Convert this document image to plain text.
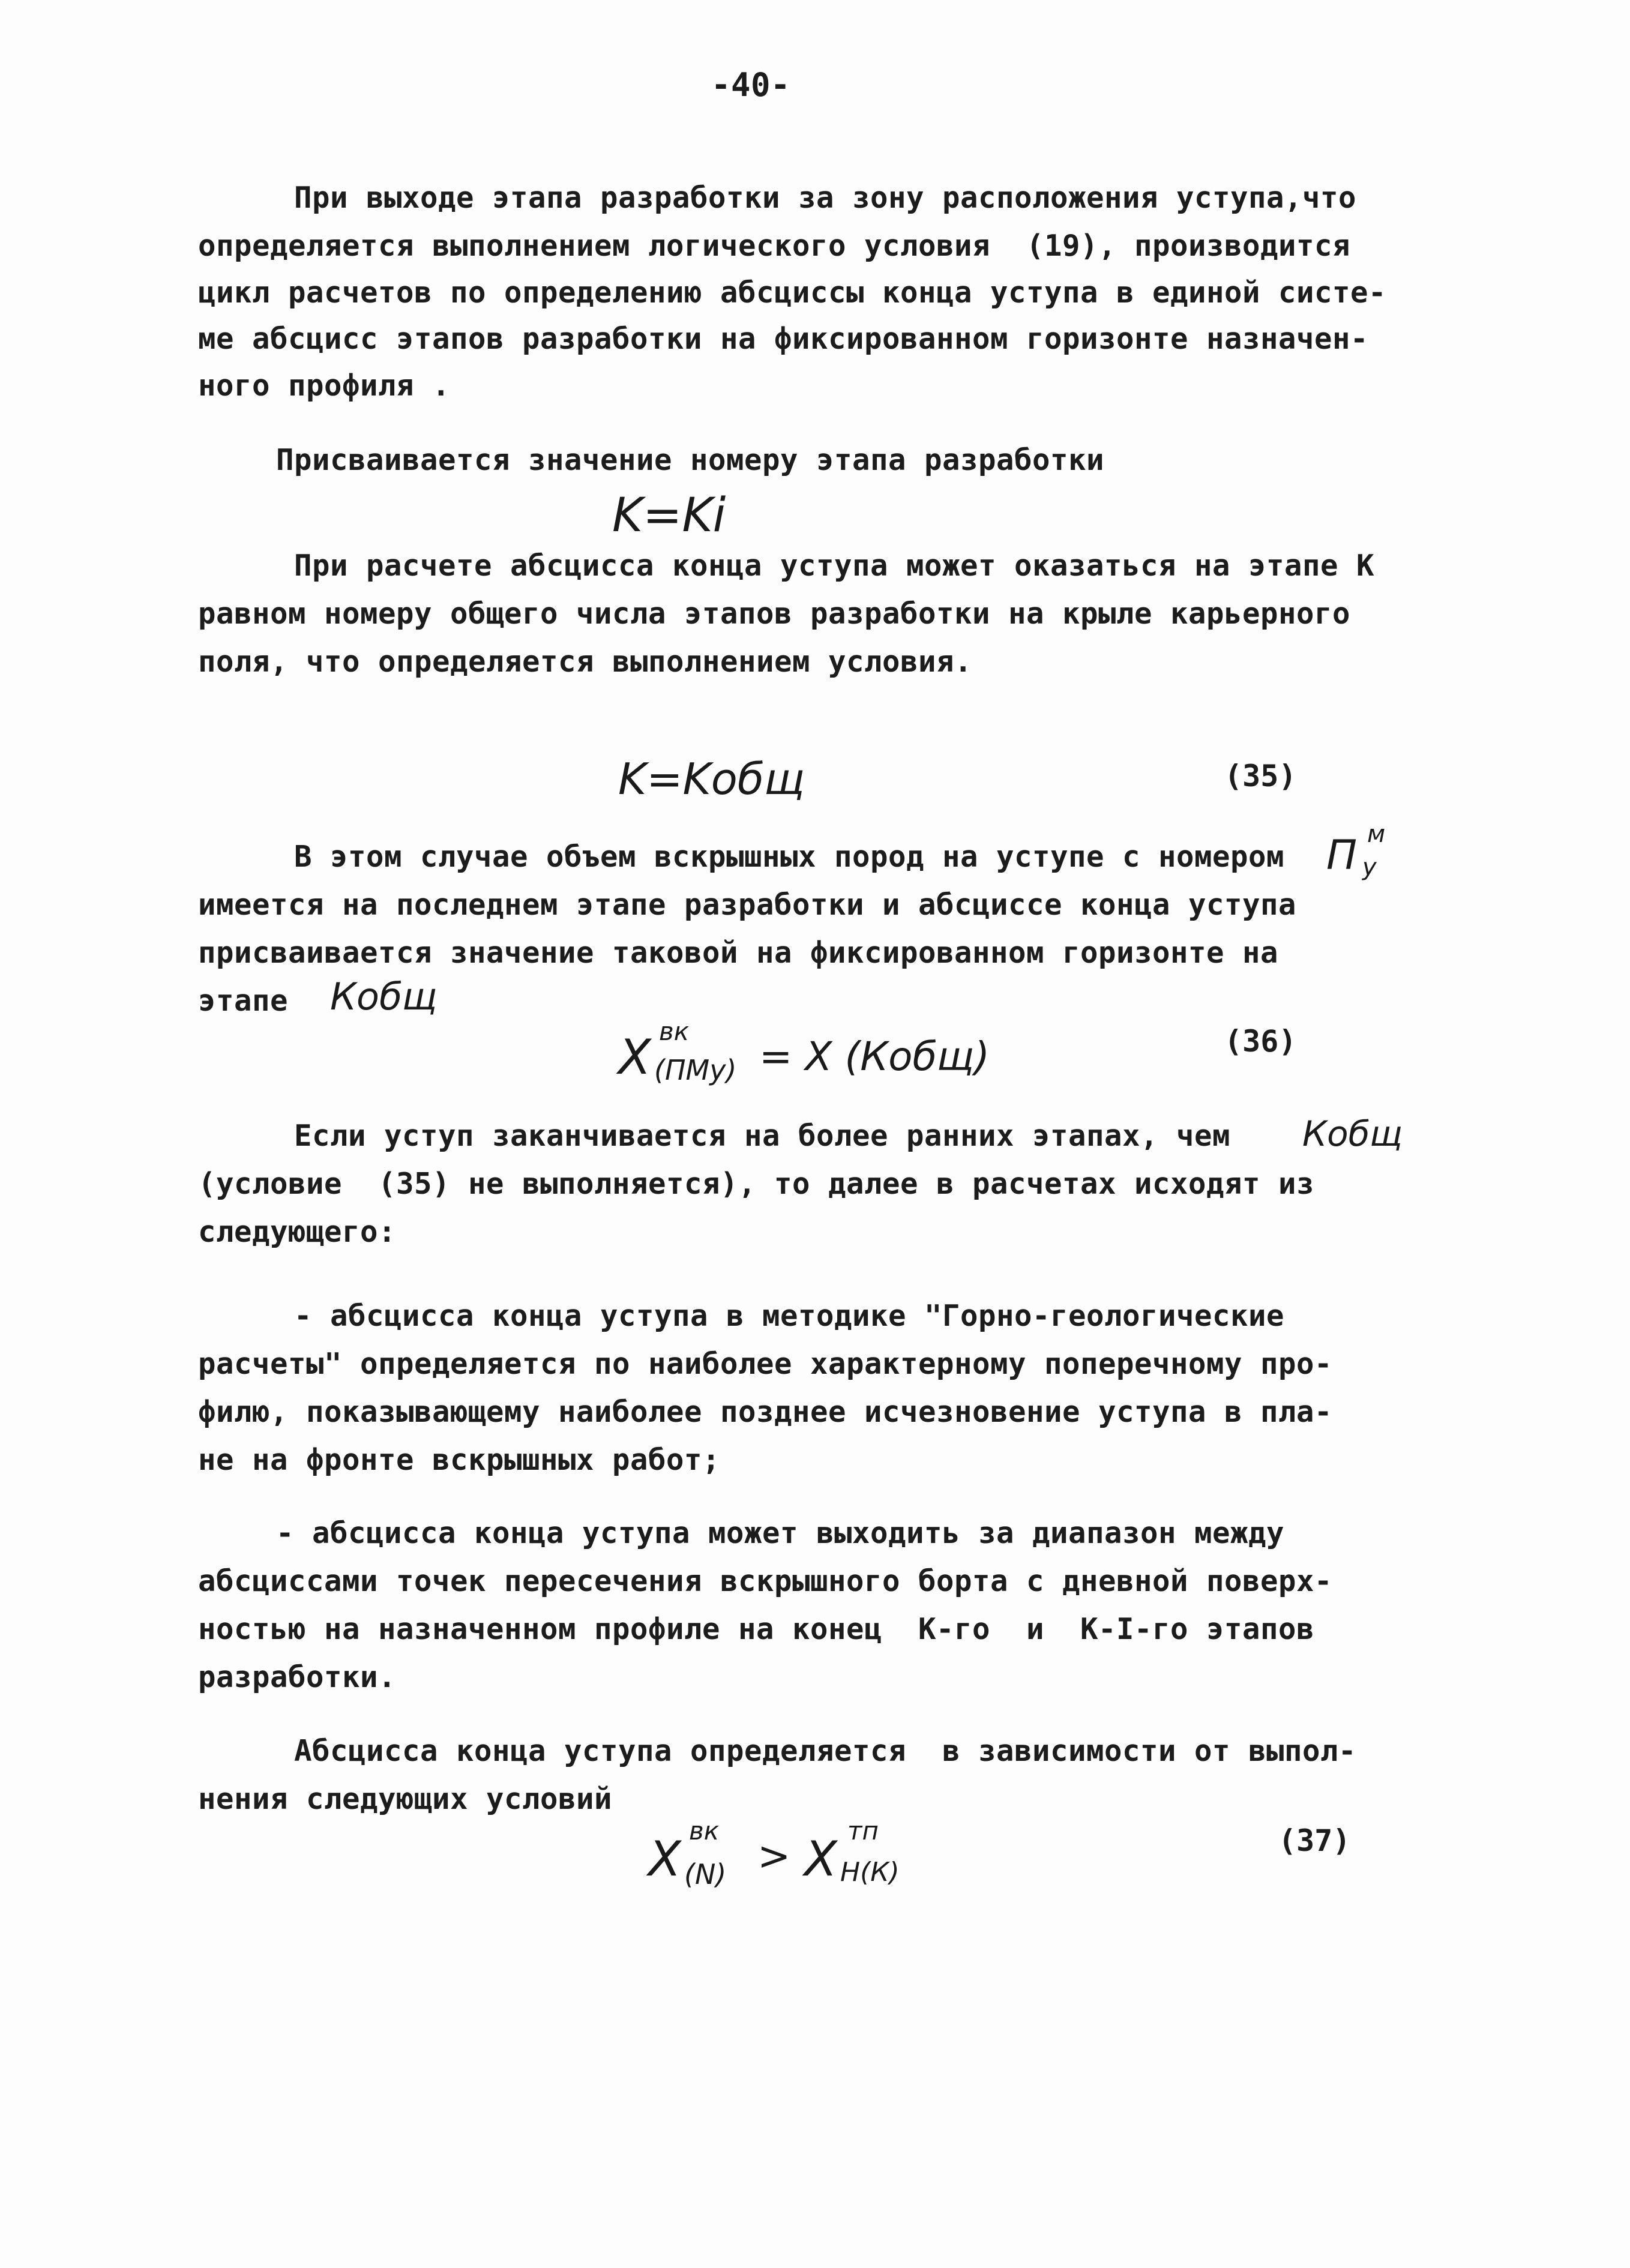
-40-
При выходе этапа разработки за зону расположения уступа,что
определяется выполнением логического условия  (19), производится
цикл расчетов по определению абсциссы конца уступа в единой систе-
ме абсцисс этапов разработки на фиксированном горизонте назначен-
ного профиля .
Присваивается значение номеру этапа разработки
K=Ki
При расчете абсцисса конца уступа может оказаться на этапе К
равном номеру общего числа этапов разработки на крыле карьерного
поля, что определяется выполнением условия.
K=Kобщ	(35)
В этом случае объем вскрышных пород на уступе с номером П м
у
имеется на последнем этапе разработки и абсциссе конца уступа
присваивается значение таковой на фиксированном горизонте на
этапе Кобщ
X вк
(ПМу) = X (Кобщ)	(36)
Если уступ заканчивается на более ранних этапах, чем Кобщ
(условие  (35) не выполняется), то далее в расчетах исходят из
следующего:
- абсцисса конца уступа в методике "Горно-геологические
расчеты" определяется по наиболее характерному поперечному про-
филю, показывающему наиболее позднее исчезновение уступа в пла-
не на фронте вскрышных работ;
- абсцисса конца уступа может выходить за диапазон между
абсциссами точек пересечения вскрышного борта с дневной поверх-
ностью на назначенном профиле на конец  К-го  и  К-I-го этапов
разработки.
Абсцисса конца уступа определяется  в зависимости от выпол-
нения следующих условий
X
вк
(N) > X
тп
Н(К)
(37)
